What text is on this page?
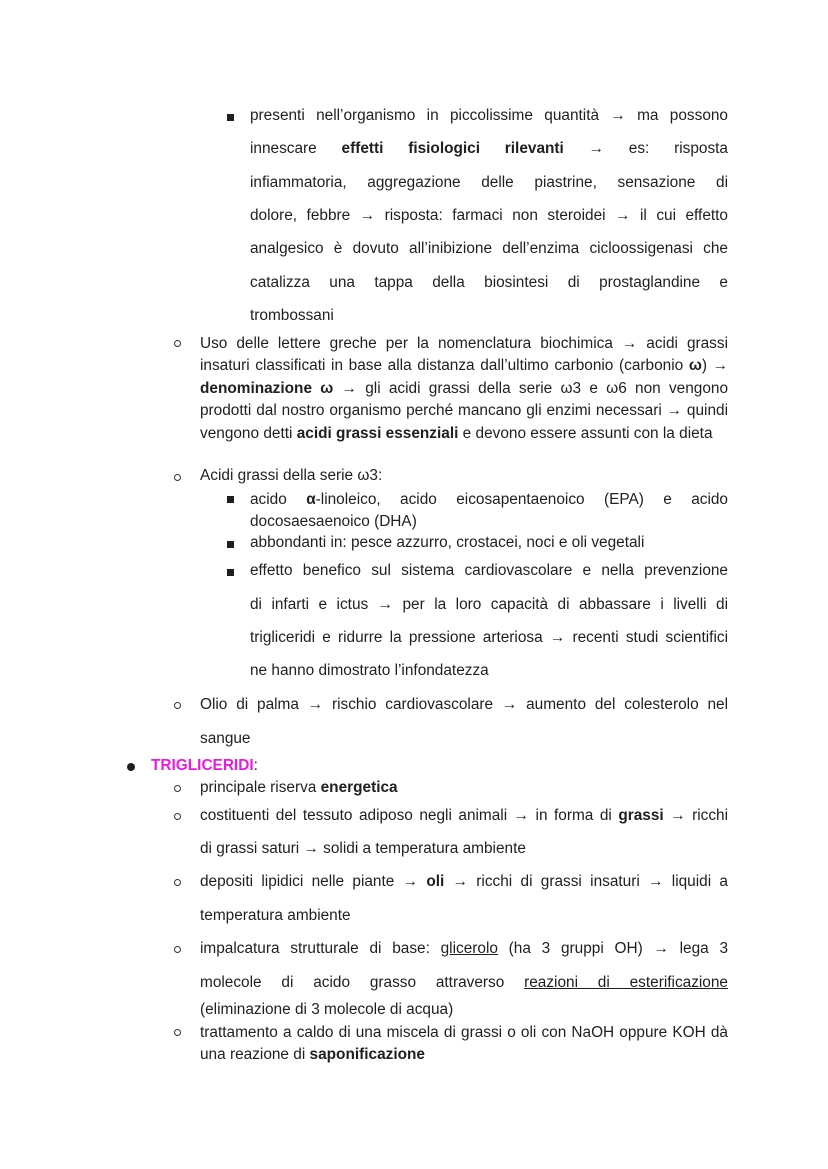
presenti nell’organismo in piccolissime quantità → ma possono
innescare effetti fisiologici rilevanti → es: risposta
infiammatoria, aggregazione delle piastrine, sensazione di
dolore, febbre → risposta: farmaci non steroidei → il cui effetto
analgesico è dovuto all’inibizione dell’enzima cicloossigenasi che
catalizza una tappa della biosintesi di prostaglandine e
trombossani
Uso delle lettere greche per la nomenclatura biochimica → acidi grassi insaturi classificati in base alla distanza dall’ultimo carbonio (carbonio ω) → denominazione ω → gli acidi grassi della serie ω3 e ω6 non vengono prodotti dal nostro organismo perché mancano gli enzimi necessari → quindi vengono detti acidi grassi essenziali e devono essere assunti con la dieta
Acidi grassi della serie ω3:
acido α-linoleico, acido eicosapentaenoico (EPA) e acido docosaesaenoico (DHA)
abbondanti in: pesce azzurro, crostacei, noci e oli vegetali
effetto benefico sul sistema cardiovascolare e nella prevenzione
di infarti e ictus → per la loro capacità di abbassare i livelli di
trigliceridi e ridurre la pressione arteriosa → recenti studi scientifici
ne hanno dimostrato l’infondatezza
Olio di palma → rischio cardiovascolare → aumento del colesterolo nel
sangue
TRIGLICERIDI:
principale riserva energetica
costituenti del tessuto adiposo negli animali → in forma di grassi → ricchi
di grassi saturi → solidi a temperatura ambiente
depositi lipidici nelle piante → oli → ricchi di grassi insaturi → liquidi a
temperatura ambiente
impalcatura strutturale di base: glicerolo (ha 3 gruppi OH) → lega 3
molecole di acido grasso attraverso reazioni di esterificazione
(eliminazione di 3 molecole di acqua)
trattamento a caldo di una miscela di grassi o oli con NaOH oppure KOH dà una reazione di saponificazione
